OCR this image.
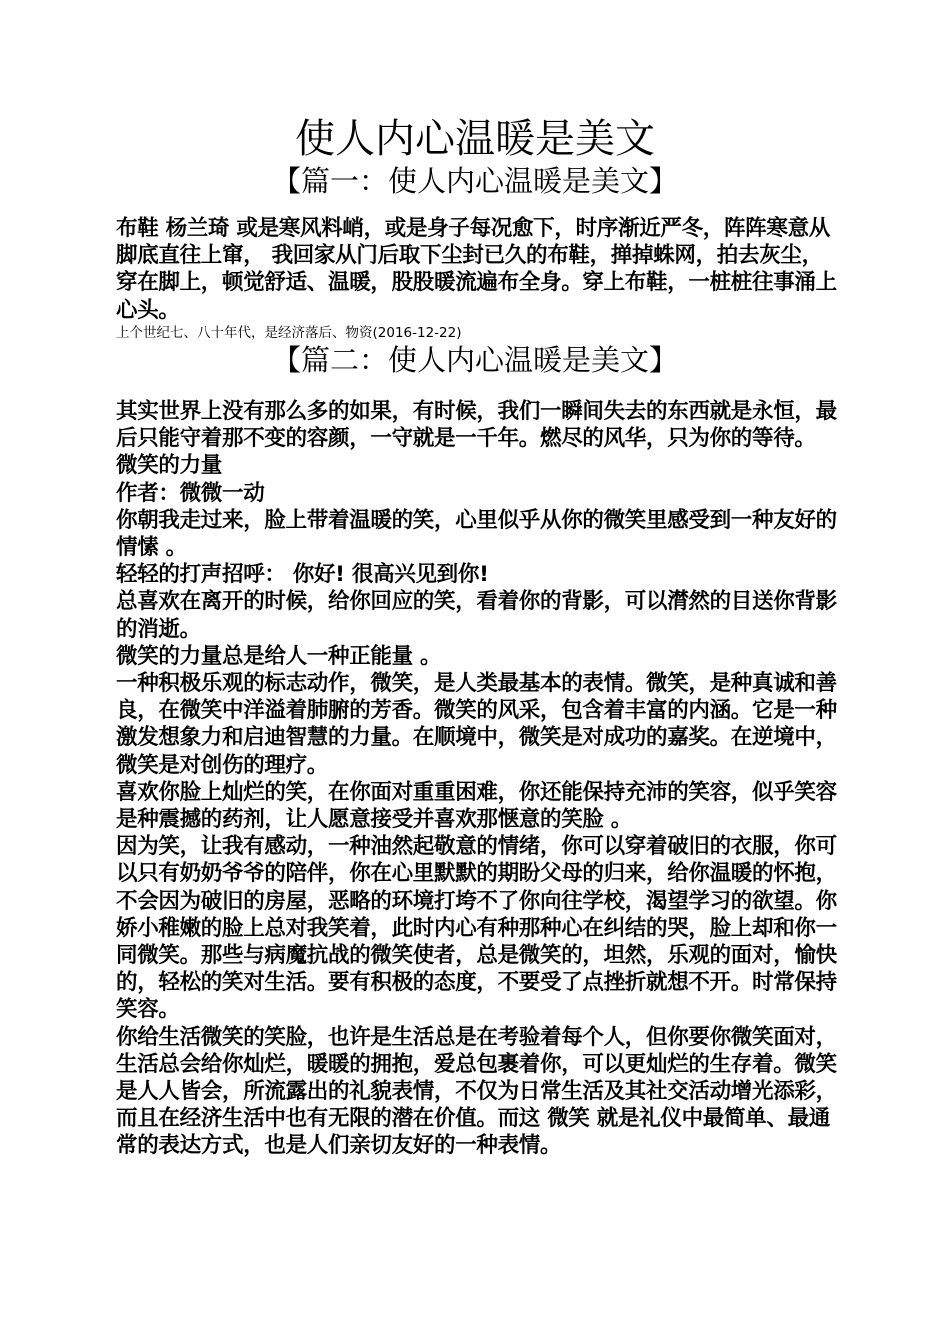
使人内心温暖是美文
【篇一：使人内心温暖是美文】

布鞋 杨兰琦 或是寒风料峭，或是身子每况愈下，时序渐近严冬，阵阵寒意从脚底直往上窜， 我回家从门后取下尘封已久的布鞋，掸掉蛛网，拍去灰尘，穿在脚上，顿觉舒适、温暖，股股暖流遍布全身。穿上布鞋，一桩桩往事涌上心头。

上个世纪七、八十年代，是经济落后、物资(2016-12-22)

【篇二：使人内心温暖是美文】

其实世界上没有那么多的如果，有时候，我们一瞬间失去的东西就是永恒，最后只能守着那不变的容颜，一守就是一千年。燃尽的风华，只为你的等待。

微笑的力量

作者：微微一动

你朝我走过来，脸上带着温暖的笑，心里似乎从你的微笑里感受到一种友好的情愫 。

轻轻的打声招呼： 你好! 很高兴见到你!

总喜欢在离开的时候，给你回应的笑，看着你的背影，可以潸然的目送你背影的消逝。

微笑的力量总是给人一种正能量 。

一种积极乐观的标志动作，微笑，是人类最基本的表情。微笑，是种真诚和善良，在微笑中洋溢着肺腑的芳香。微笑的风采，包含着丰富的内涵。它是一种激发想象力和启迪智慧的力量。在顺境中，微笑是对成功的嘉奖。在逆境中，微笑是对创伤的理疗。

喜欢你脸上灿烂的笑，在你面对重重困难，你还能保持充沛的笑容，似乎笑容是种震撼的药剂，让人愿意接受并喜欢那惬意的笑脸 。

因为笑，让我有感动，一种油然起敬意的情绪，你可以穿着破旧的衣服，你可以只有奶奶爷爷的陪伴，你在心里默默的期盼父母的归来，给你温暖的怀抱，不会因为破旧的房屋，恶略的环境打垮不了你向往学校，渴望学习的欲望。你娇小稚嫩的脸上总对我笑着，此时内心有种那种心在纠结的哭，脸上却和你一同微笑。那些与病魔抗战的微笑使者，总是微笑的，坦然，乐观的面对，愉快的，轻松的笑对生活。要有积极的态度，不要受了点挫折就想不开。时常保持笑容。

你给生活微笑的笑脸，也许是生活总是在考验着每个人，但你要你微笑面对，生活总会给你灿烂，暖暖的拥抱，爱总包裹着你，可以更灿烂的生存着。微笑是人人皆会，所流露出的礼貌表情，不仅为日常生活及其社交活动增光添彩，而且在经济生活中也有无限的潜在价值。而这 微笑 就是礼仪中最简单、最通常的表达方式，也是人们亲切友好的一种表情。
